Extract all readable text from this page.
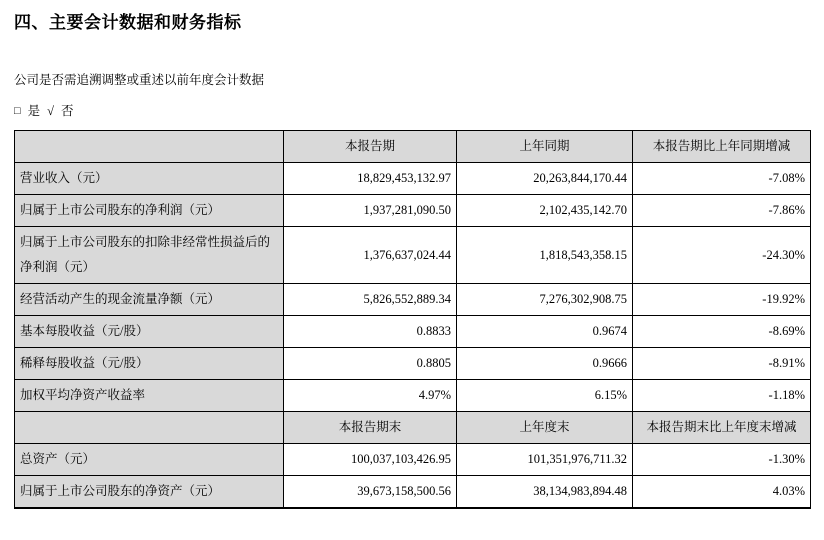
四、主要会计数据和财务指标
公司是否需追溯调整或重述以前年度会计数据
□ 是 √ 否
	本报告期	上年同期	本报告期比上年同期增减
营业收入（元）	18,829,453,132.97	20,263,844,170.44	-7.08%
归属于上市公司股东的净利润（元）	1,937,281,090.50	2,102,435,142.70	-7.86%
归属于上市公司股东的扣除非经常性损益后的净利润（元）	1,376,637,024.44	1,818,543,358.15	-24.30%
经营活动产生的现金流量净额（元）	5,826,552,889.34	7,276,302,908.75	-19.92%
基本每股收益（元/股）	0.8833	0.9674	-8.69%
稀释每股收益（元/股）	0.8805	0.9666	-8.91%
加权平均净资产收益率	4.97%	6.15%	-1.18%
	本报告期末	上年度末	本报告期末比上年度末增减
总资产（元）	100,037,103,426.95	101,351,976,711.32	-1.30%
归属于上市公司股东的净资产（元）	39,673,158,500.56	38,134,983,894.48	4.03%
